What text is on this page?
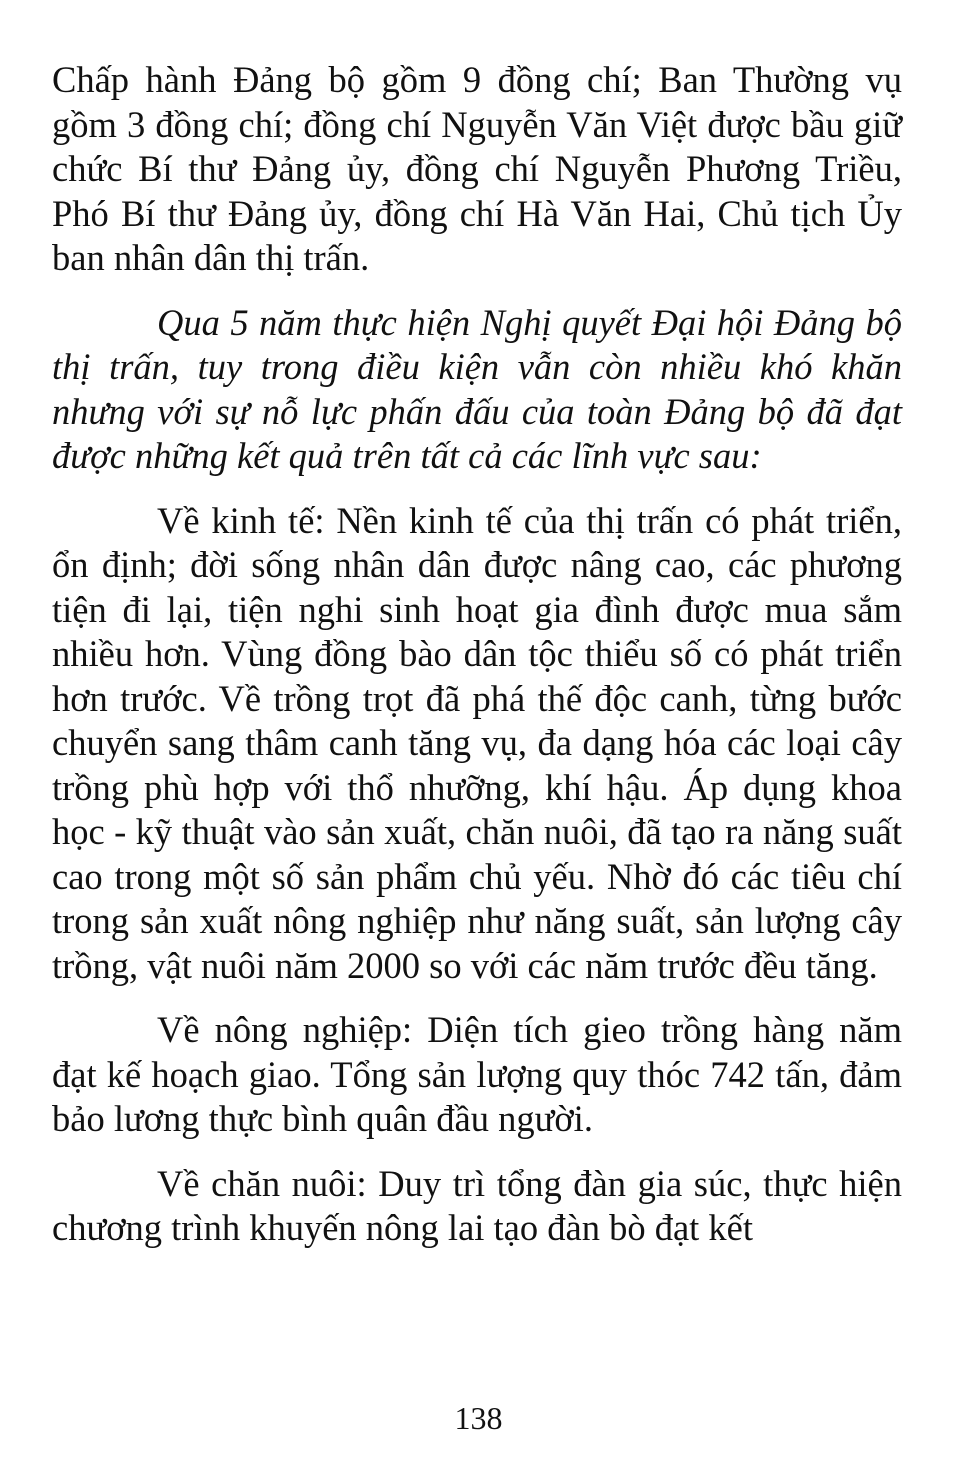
Chấp hành Đảng bộ gồm 9 đồng chí; Ban Thường vụ gồm 3 đồng chí; đồng chí Nguyễn Văn Việt được bầu giữ chức Bí thư Đảng ủy, đồng chí Nguyễn Phương Triều, Phó Bí thư Đảng ủy, đồng chí Hà Văn Hai, Chủ tịch Ủy ban nhân dân thị trấn.

Qua 5 năm thực hiện Nghị quyết Đại hội Đảng bộ thị trấn, tuy trong điều kiện vẫn còn nhiều khó khăn nhưng với sự nỗ lực phấn đấu của toàn Đảng bộ đã đạt được những kết quả trên tất cả các lĩnh vực sau:

Về kinh tế: Nền kinh tế của thị trấn có phát triển, ổn định; đời sống nhân dân được nâng cao, các phương tiện đi lại, tiện nghi sinh hoạt gia đình được mua sắm nhiều hơn. Vùng đồng bào dân tộc thiểu số có phát triển hơn trước. Về trồng trọt đã phá thế độc canh, từng bước chuyển sang thâm canh tăng vụ, đa dạng hóa các loại cây trồng phù hợp với thổ nhưỡng, khí hậu. Áp dụng khoa học - kỹ thuật vào sản xuất, chăn nuôi, đã tạo ra năng suất cao trong một số sản phẩm chủ yếu. Nhờ đó các tiêu chí trong sản xuất nông nghiệp như năng suất, sản lượng cây trồng, vật nuôi năm 2000 so với các năm trước đều tăng.

Về nông nghiệp: Diện tích gieo trồng hàng năm đạt kế hoạch giao. Tổng sản lượng quy thóc 742 tấn, đảm bảo lương thực bình quân đầu người.

Về chăn nuôi: Duy trì tổng đàn gia súc, thực hiện chương trình khuyến nông lai tạo đàn bò đạt kết

138
